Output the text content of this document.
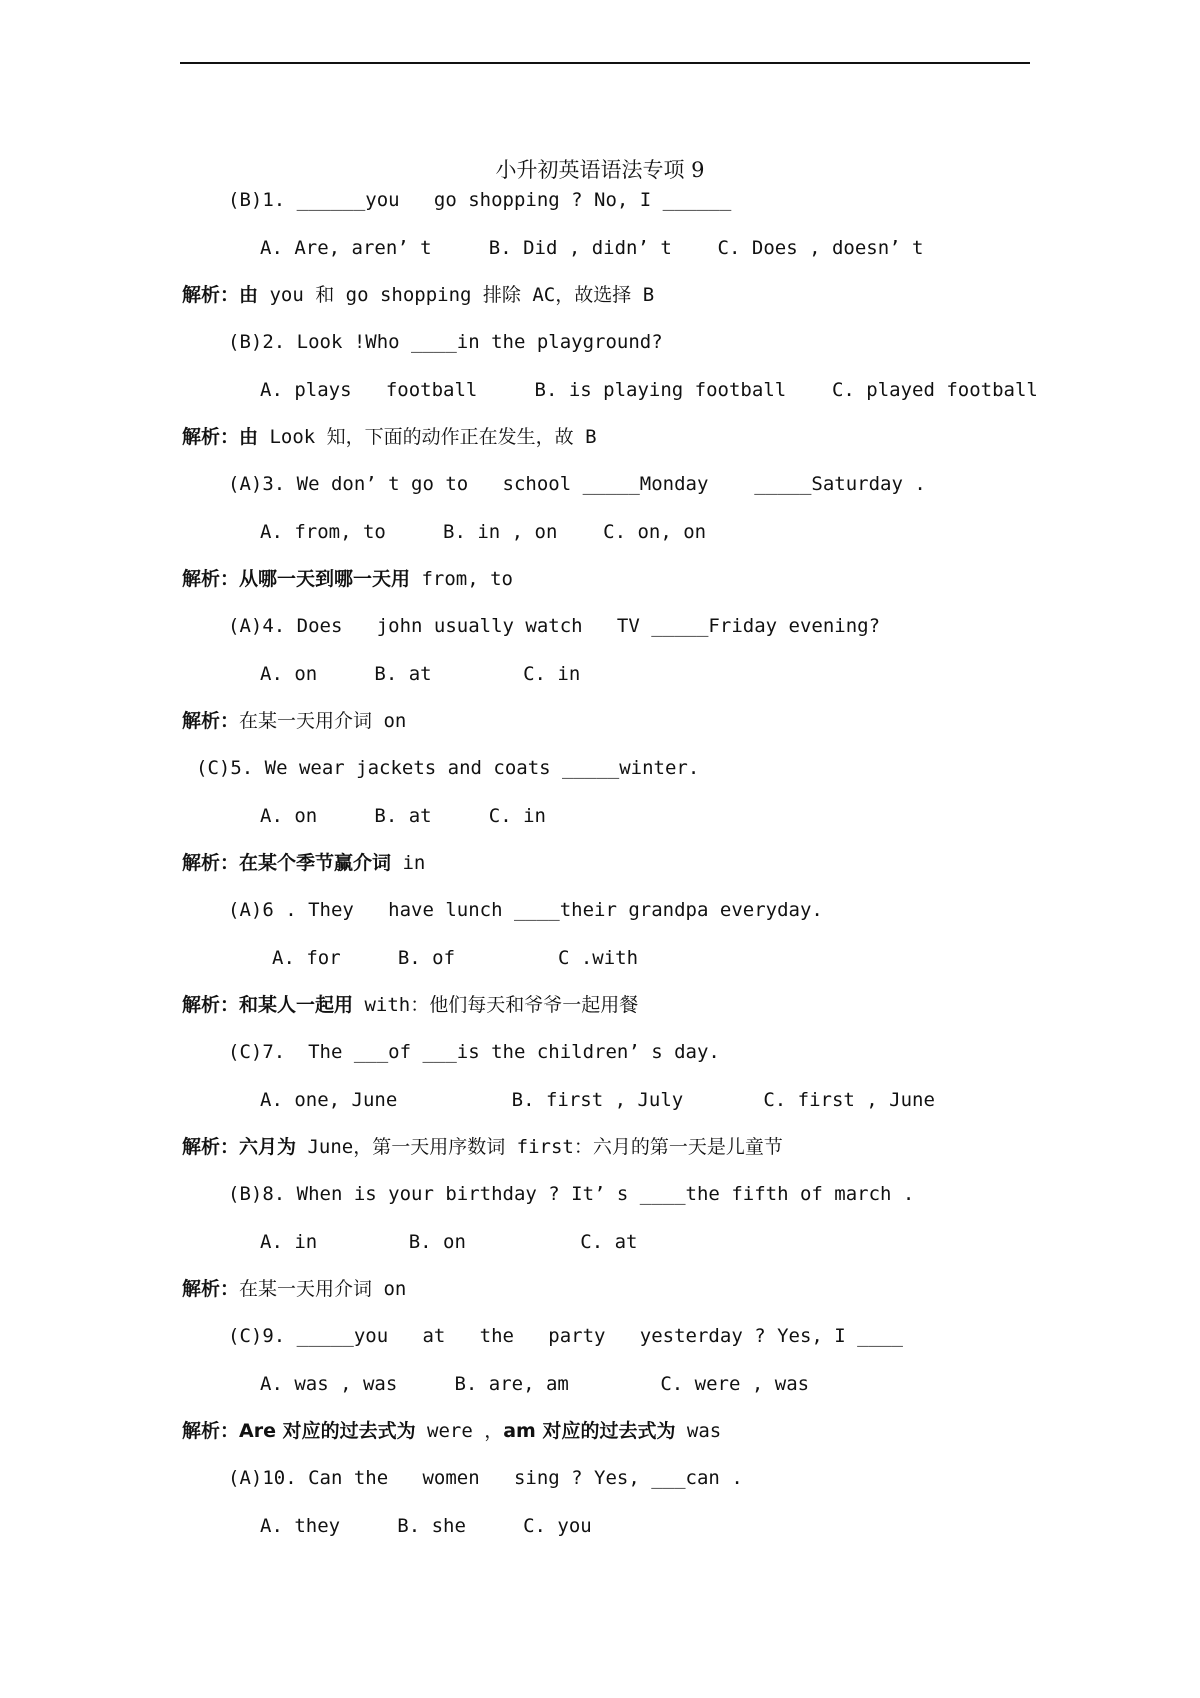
小升初英语语法专项 9
(B)1. ______you   go shopping ? No, I ______
A. Are, aren’ t     B. Did , didn’ t    C. Does , doesn’ t
解析：由 you 和 go shopping 排除 AC，故选择 B
(B)2. Look !Who ____in the playground?
A. plays   football     B. is playing football    C. played football
解析：由 Look 知，下面的动作正在发生，故 B
(A)3. We don’ t go to   school _____Monday    _____Saturday .
A. from, to     B. in , on    C. on, on
解析：从哪一天到哪一天用 from, to
(A)4. Does   john usually watch   TV _____Friday evening?
A. on     B. at        C. in
解析：在某一天用介词 on
(C)5. We wear jackets and coats _____winter.
A. on     B. at     C. in
解析：在某个季节赢介词 in
(A)6 . They   have lunch ____their grandpa everyday.
A. for     B. of         C .with
解析：和某人一起用 with：他们每天和爷爷一起用餐
(C)7.  The ___of ___is the children’ s day.
A. one, June          B. first , July       C. first , June
解析：六月为 June，第一天用序数词 first：六月的第一天是儿童节
(B)8. When is your birthday ? It’ s ____the fifth of march .
A. in        B. on          C. at
解析：在某一天用介词 on
(C)9. _____you   at   the   party   yesterday ? Yes, I ____
A. was , was     B. are, am        C. were , was
解析：Are 对应的过去式为 were ，am 对应的过去式为 was
(A)10. Can the   women   sing ? Yes, ___can .
A. they     B. she     C. you
